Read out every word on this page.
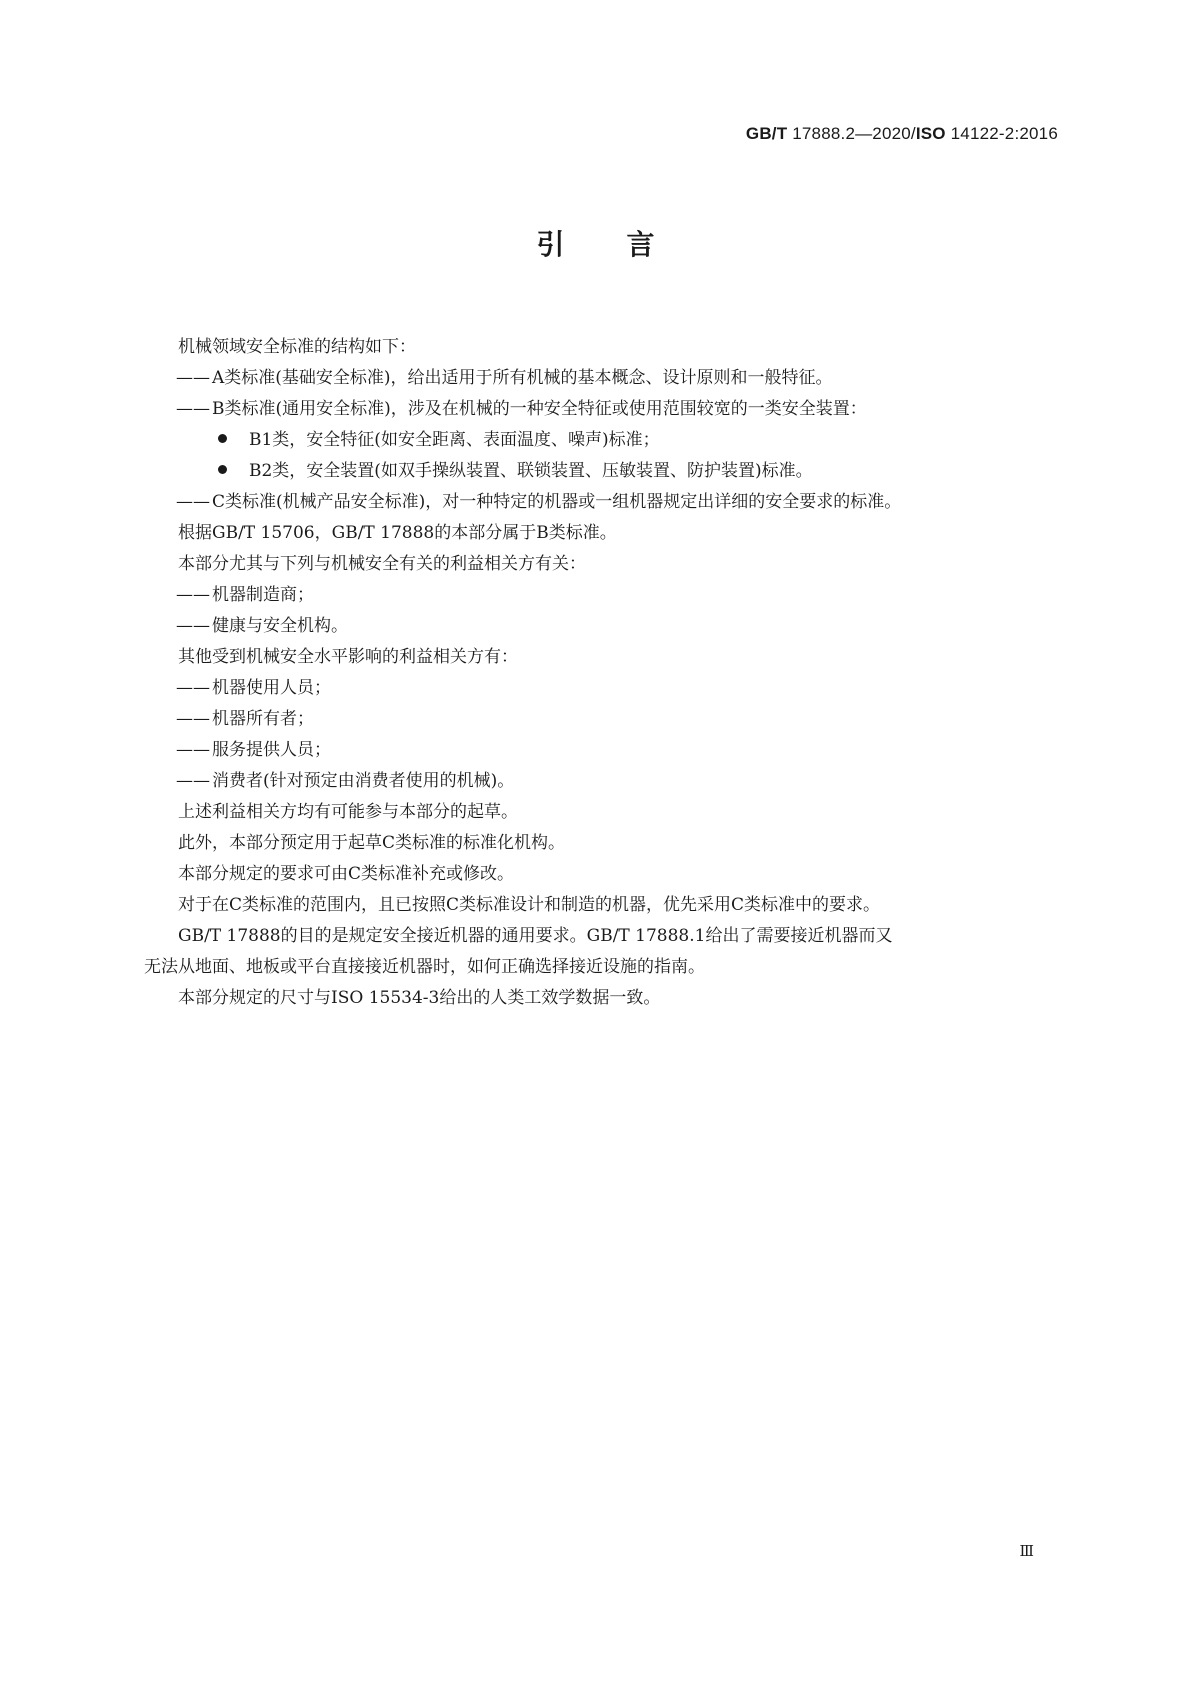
GB/T 17888.2—2020/ISO 14122-2:2016
引言
机械领域安全标准的结构如下：
—— A类标准(基础安全标准)，给出适用于所有机械的基本概念、设计原则和一般特征。
—— B类标准(通用安全标准)，涉及在机械的一种安全特征或使用范围较宽的一类安全装置：
B1类，安全特征(如安全距离、表面温度、噪声)标准；
B2类，安全装置(如双手操纵装置、联锁装置、压敏装置、防护装置)标准。
—— C类标准(机械产品安全标准)，对一种特定的机器或一组机器规定出详细的安全要求的标准。
根据GB/T 15706，GB/T 17888的本部分属于B类标准。
本部分尤其与下列与机械安全有关的利益相关方有关：
—— 机器制造商；
—— 健康与安全机构。
其他受到机械安全水平影响的利益相关方有：
—— 机器使用人员；
—— 机器所有者；
—— 服务提供人员；
—— 消费者(针对预定由消费者使用的机械)。
上述利益相关方均有可能参与本部分的起草。
此外，本部分预定用于起草C类标准的标准化机构。
本部分规定的要求可由C类标准补充或修改。
对于在C类标准的范围内，且已按照C类标准设计和制造的机器，优先采用C类标准中的要求。
GB/T 17888的目的是规定安全接近机器的通用要求。GB/T 17888.1给出了需要接近机器而又
无法从地面、地板或平台直接接近机器时，如何正确选择接近设施的指南。
本部分规定的尺寸与ISO 15534-3给出的人类工效学数据一致。
Ⅲ
